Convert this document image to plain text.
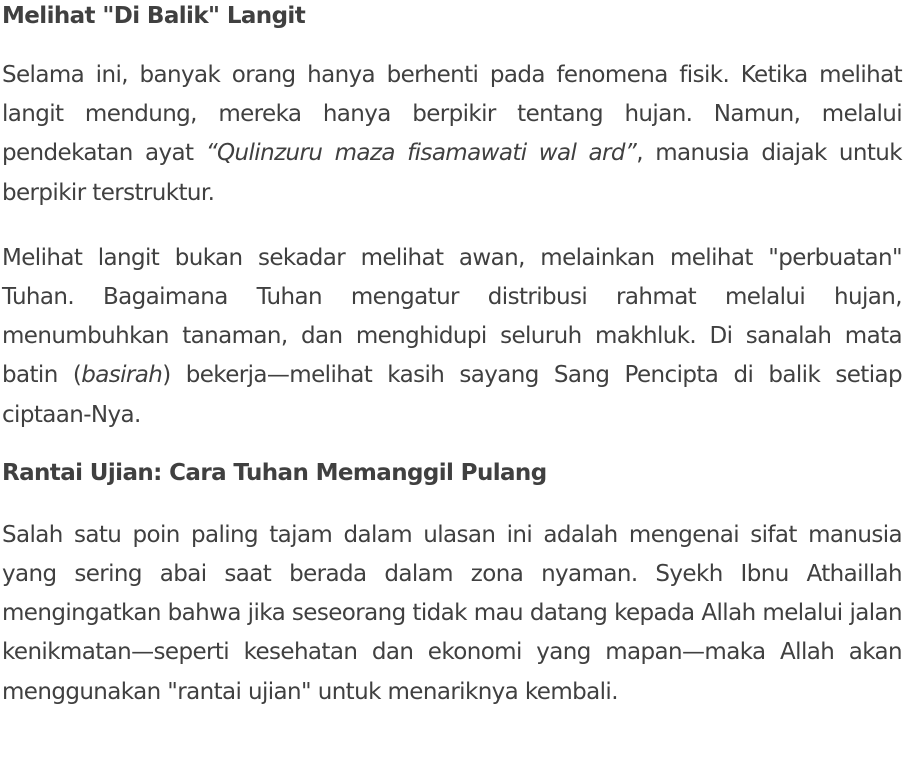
Melihat "Di Balik" Langit

Selama ini, banyak orang hanya berhenti pada fenomena fisik. Ketika melihat langit mendung, mereka hanya berpikir tentang hujan. Namun, melalui pendekatan ayat “Qulinzuru maza fisamawati wal ard”, manusia diajak untuk berpikir terstruktur.

Melihat langit bukan sekadar melihat awan, melainkan melihat "perbuatan" Tuhan. Bagaimana Tuhan mengatur distribusi rahmat melalui hujan, menumbuhkan tanaman, dan menghidupi seluruh makhluk. Di sanalah mata batin (basirah) bekerja—melihat kasih sayang Sang Pencipta di balik setiap ciptaan-Nya.

Rantai Ujian: Cara Tuhan Memanggil Pulang

Salah satu poin paling tajam dalam ulasan ini adalah mengenai sifat manusia yang sering abai saat berada dalam zona nyaman. Syekh Ibnu Athaillah mengingatkan bahwa jika seseorang tidak mau datang kepada Allah melalui jalan kenikmatan—seperti kesehatan dan ekonomi yang mapan—maka Allah akan menggunakan "rantai ujian" untuk menariknya kembali.
